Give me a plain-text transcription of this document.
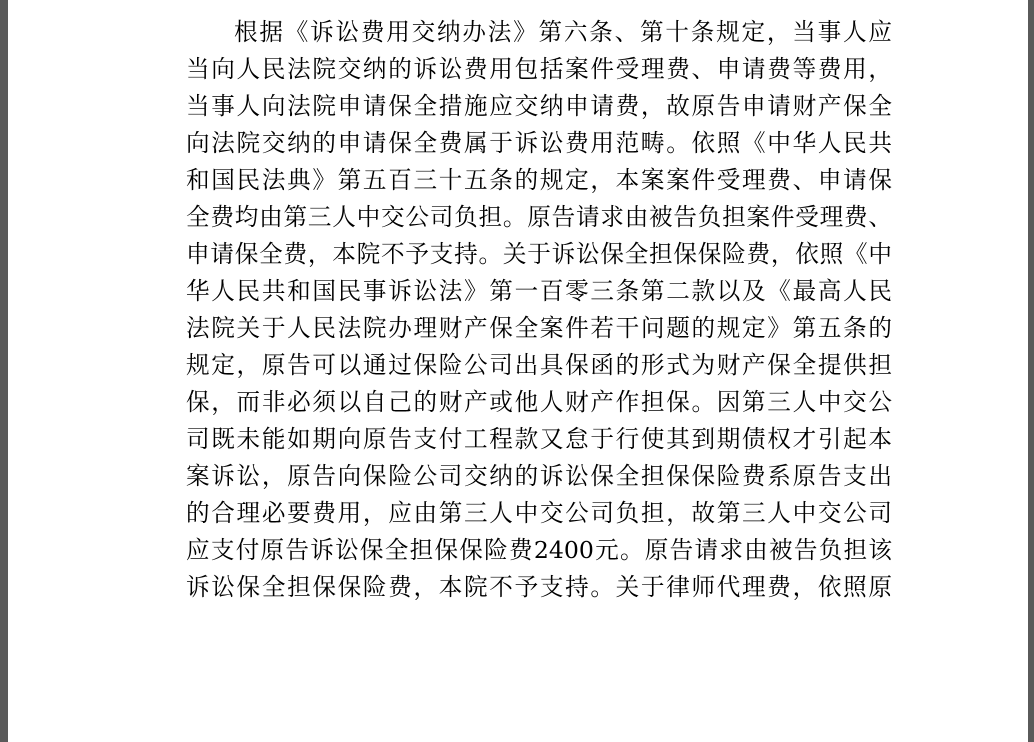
根据《诉讼费用交纳办法》第六条、第十条规定，当事人应
当向人民法院交纳的诉讼费用包括案件受理费、申请费等费用，
当事人向法院申请保全措施应交纳申请费，故原告申请财产保全
向法院交纳的申请保全费属于诉讼费用范畴。依照《中华人民共
和国民法典》第五百三十五条的规定，本案案件受理费、申请保
全费均由第三人中交公司负担。原告请求由被告负担案件受理费、
申请保全费，本院不予支持。关于诉讼保全担保保险费，依照《中
华人民共和国民事诉讼法》第一百零三条第二款以及《最高人民
法院关于人民法院办理财产保全案件若干问题的规定》第五条的
规定，原告可以通过保险公司出具保函的形式为财产保全提供担
保，而非必须以自己的财产或他人财产作担保。因第三人中交公
司既未能如期向原告支付工程款又怠于行使其到期债权才引起本
案诉讼，原告向保险公司交纳的诉讼保全担保保险费系原告支出
的合理必要费用，应由第三人中交公司负担，故第三人中交公司
应支付原告诉讼保全担保保险费2400元。原告请求由被告负担该
诉讼保全担保保险费，本院不予支持。关于律师代理费，依照原
